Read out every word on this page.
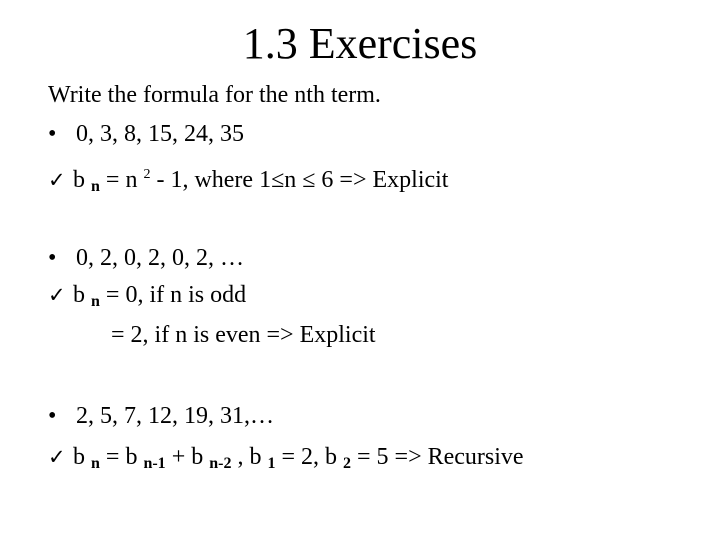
1.3 Exercises
Write the formula for the nth term.
• 0, 3, 8, 15, 24, 35
✓ b $_n$ = n $^2$ - 1, where 1≤n ≤ 6 => Explicit
• 0, 2, 0, 2, 0, 2, …
✓ b $_n$ = 0, if n is odd
= 2, if n is even => Explicit
• 2, 5, 7, 12, 19, 31,…
✓ b $_n$ = b $_{n-1}$ + b $_{n-2}$ , b $_1$ = 2, b $_2$ = 5 => Recursive
